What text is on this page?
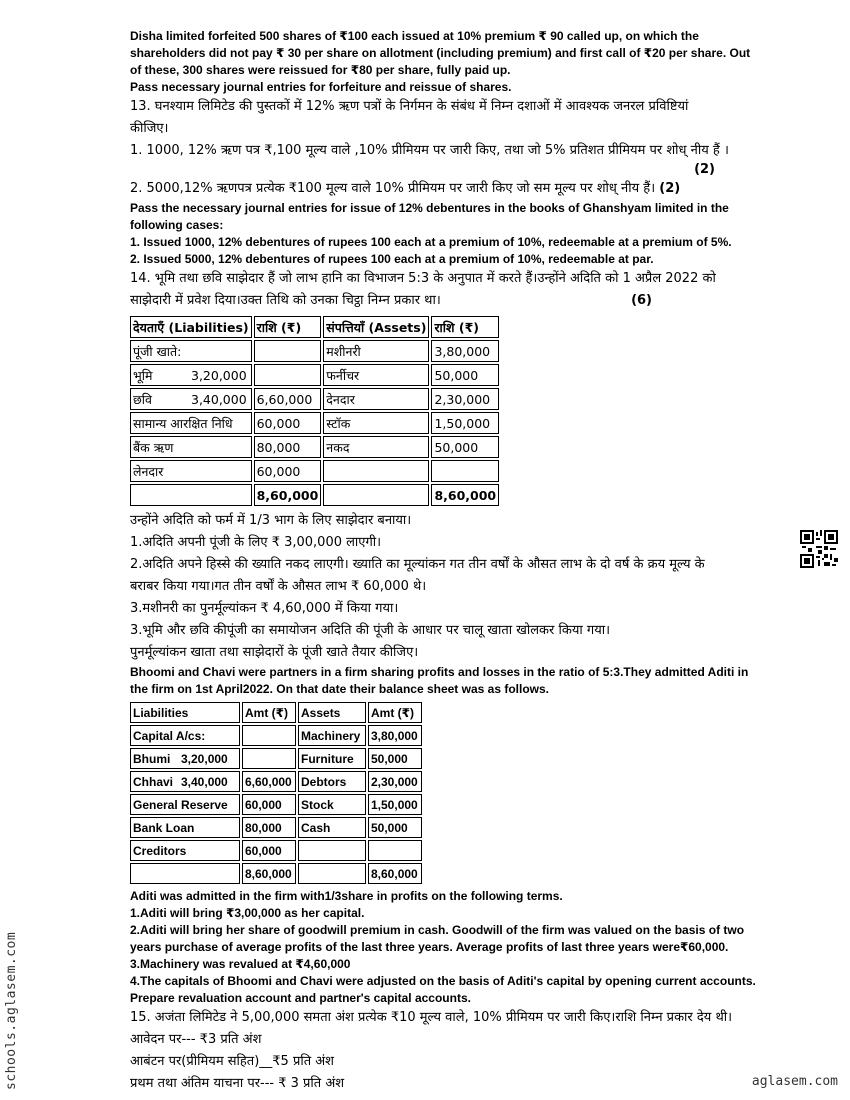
Disha limited forfeited 500 shares of ₹100 each issued at 10% premium ₹ 90 called up, on which the

shareholders did not pay ₹ 30 per share on allotment (including premium) and first call of ₹20 per share. Out

of these, 300 shares were reissued for ₹80 per share, fully paid up.

Pass necessary journal entries for forfeiture and reissue of shares.

13. घनश्याम लिमिटेड की पुस्तकों में 12% ऋण पत्रों के निर्गमन के संबंध में निम्न दशाओं में आवश्यक जनरल प्रविष्टियां

कीजिए।

1. 1000, 12% ऋण पत्र ₹,100 मूल्य वाले ,10% प्रीमियम पर जारी किए, तथा जो 5% प्रतिशत प्रीमियम पर शोध् नीय हैं ।

(2)

2. 5000,12% ऋणपत्र प्रत्येक ₹100 मूल्य वाले 10% प्रीमियम पर जारी किए जो सम मूल्य पर शोध् नीय हैं। (2)

Pass the necessary journal entries for issue of 12% debentures in the books of Ghanshyam limited in the

following cases:

1. Issued 1000, 12% debentures of rupees 100 each at a premium of 10%, redeemable at a premium of 5%.

2. Issued 5000, 12% debentures of rupees 100 each at a premium of 10%, redeemable at par.

14. भूमि तथा छवि साझेदार हैं जो लाभ हानि का विभाजन 5:3 के अनुपात में करते हैं।उन्होंने अदिति को 1 अप्रैल 2022 को

साझेदारी में प्रवेश दिया।उक्त तिथि को उनका चिट्ठा निम्न प्रकार था।	(6)

देयताएँ (Liabilities)	राशि (₹)	संपत्तियाँ (Assets)	राशि (₹)
पूंजी खाते:		मशीनरी	3,80,000
भूमि 3,20,000		फर्नीचर	50,000
छवि 3,40,000	6,60,000	देनदार	2,30,000
सामान्य आरक्षित निधि	60,000	स्टॉक	1,50,000
बैंक ऋण	80,000	नकद	50,000
लेनदार	60,000		
	8,60,000		8,60,000

उन्होंने अदिति को फर्म में 1/3 भाग के लिए साझेदार बनाया।

1.अदिति अपनी पूंजी के लिए ₹ 3,00,000 लाएगी।

2.अदिति अपने हिस्से की ख्याति नकद लाएगी। ख्याति का मूल्यांकन गत तीन वर्षों के औसत लाभ के दो वर्ष के क्रय मूल्य के

बराबर किया गया।गत तीन वर्षों के औसत लाभ ₹ 60,000 थे।

3.मशीनरी का पुनर्मूल्यांकन ₹ 4,60,000 में किया गया।

3.भूमि और छवि कीपूंजी का समायोजन अदिति की पूंजी के आधार पर चालू खाता खोलकर किया गया।

पुनर्मूल्यांकन खाता तथा साझेदारों के पूंजी खाते तैयार कीजिए।

Bhoomi and Chavi were partners in a firm sharing profits and losses in the ratio of 5:3.They admitted Aditi in

the firm on 1st April2022. On that date their balance sheet was as follows.

Liabilities	Amt (₹)	Assets	Amt (₹)
Capital A/cs:		Machinery	3,80,000
Bhumi 3,20,000		Furniture	50,000
Chhavi 3,40,000	6,60,000	Debtors	2,30,000
General Reserve	60,000	Stock	1,50,000
Bank Loan	80,000	Cash	50,000
Creditors	60,000		
	8,60,000		8,60,000

Aditi was admitted in the firm with1/3share in profits on the following terms.

1.Aditi will bring ₹3,00,000 as her capital.

2.Aditi will bring her share of goodwill premium in cash. Goodwill of the firm was valued on the basis of two

years purchase of average profits of the last three years. Average profits of last three years were₹60,000.

3.Machinery was revalued at ₹4,60,000

4.The capitals of Bhoomi and Chavi were adjusted on the basis of Aditi's capital by opening current accounts.

Prepare revaluation account and partner's capital accounts.

15. अजंता लिमिटेड ने 5,00,000 समता अंश प्रत्येक ₹10 मूल्य वाले, 10% प्रीमियम पर जारी किए।राशि निम्न प्रकार देय थी।

आवेदन पर--- ₹3 प्रति अंश

आबंटन पर(प्रीमियम सहित)__₹5 प्रति अंश

प्रथम तथा अंतिम याचना पर--- ₹ 3 प्रति अंश

schools.aglasem.com	aglasem.com
